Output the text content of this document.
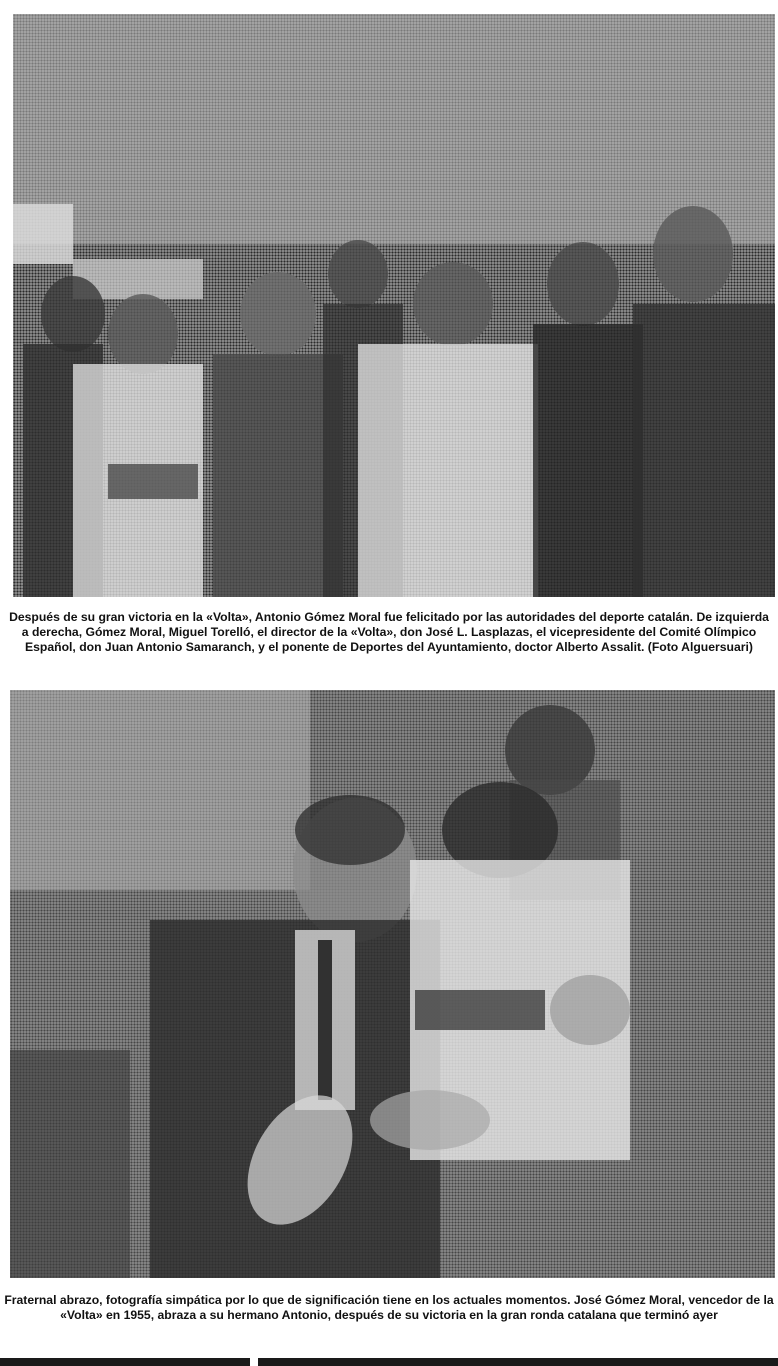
Después de su gran victoria en la «Volta», Antonio Gómez Moral fue felicitado por las autoridades del deporte catalán. De izquierda a derecha, Gómez Moral, Miguel Torelló, el director de la «Volta», don José L. Lasplazas, el vicepresidente del Comité Olímpico Español, don Juan Antonio Samaranch, y el ponente de Deportes del Ayuntamiento, doctor Alberto Assalit. (Foto Alguersuari)

Fraternal abrazo, fotografía simpática por lo que de significación tiene en los actuales momentos. José Gómez Moral, vencedor de la «Volta» en 1955, abraza a su hermano Antonio, después de su victoria en la gran ronda catalana que terminó ayer
